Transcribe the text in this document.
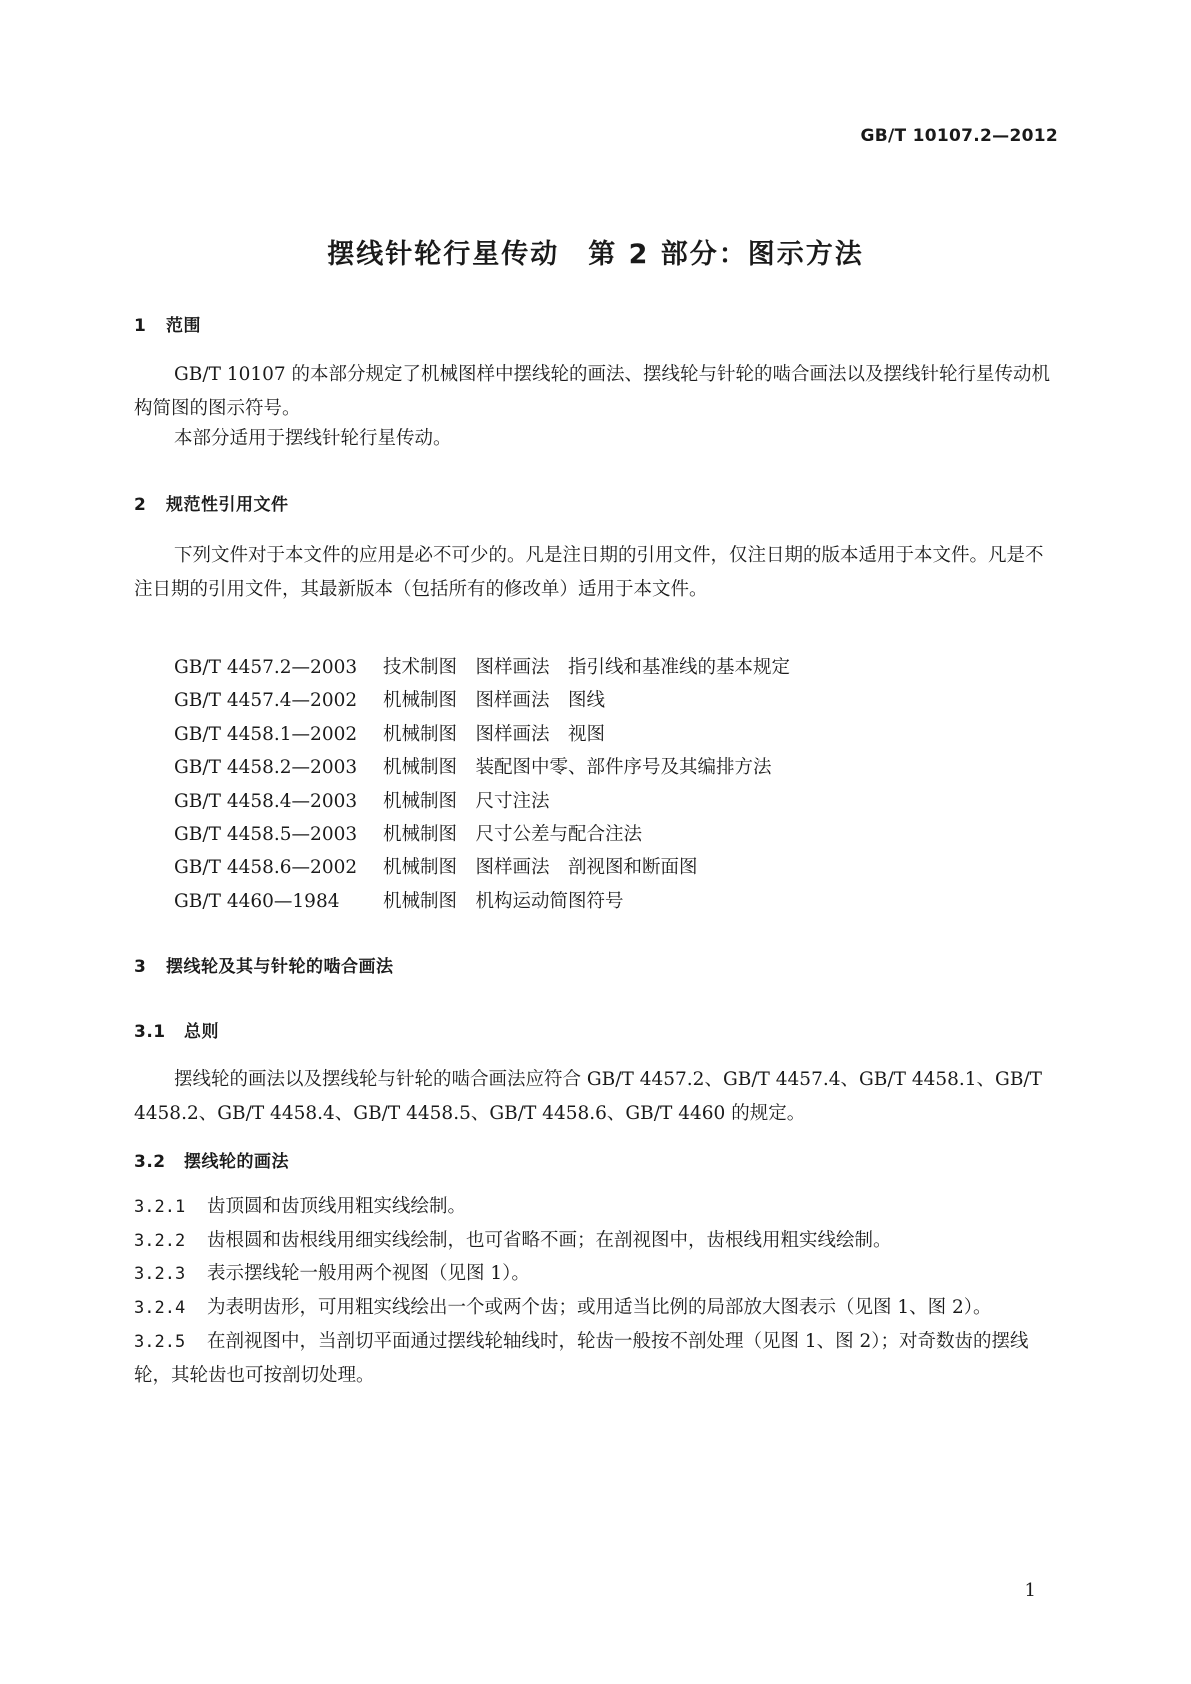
GB/T 10107.2—2012
摆线针轮行星传动　第 2 部分：图示方法
1 范围
GB/T 10107 的本部分规定了机械图样中摆线轮的画法、摆线轮与针轮的啮合画法以及摆线针轮行星传动机构简图的图示符号。
本部分适用于摆线针轮行星传动。
2 规范性引用文件
下列文件对于本文件的应用是必不可少的。凡是注日期的引用文件，仅注日期的版本适用于本文件。凡是不注日期的引用文件，其最新版本（包括所有的修改单）适用于本文件。
GB/T 4457.2—2003 技术制图　图样画法　指引线和基准线的基本规定
GB/T 4457.4—2002 机械制图　图样画法　图线
GB/T 4458.1—2002 机械制图　图样画法　视图
GB/T 4458.2—2003 机械制图　装配图中零、部件序号及其编排方法
GB/T 4458.4—2003 机械制图　尺寸注法
GB/T 4458.5—2003 机械制图　尺寸公差与配合注法
GB/T 4458.6—2002 机械制图　图样画法　剖视图和断面图
GB/T 4460—1984 机械制图　机构运动简图符号
3 摆线轮及其与针轮的啮合画法
3.1 总则
摆线轮的画法以及摆线轮与针轮的啮合画法应符合 GB/T 4457.2、GB/T 4457.4、GB/T 4458.1、GB/T 4458.2、GB/T 4458.4、GB/T 4458.5、GB/T 4458.6、GB/T 4460 的规定。
3.2 摆线轮的画法
3.2.1 齿顶圆和齿顶线用粗实线绘制。
3.2.2 齿根圆和齿根线用细实线绘制，也可省略不画；在剖视图中，齿根线用粗实线绘制。
3.2.3 表示摆线轮一般用两个视图（见图 1）。
3.2.4 为表明齿形，可用粗实线绘出一个或两个齿；或用适当比例的局部放大图表示（见图 1、图 2）。
3.2.5 在剖视图中，当剖切平面通过摆线轮轴线时，轮齿一般按不剖处理（见图 1、图 2）；对奇数齿的摆线轮，其轮齿也可按剖切处理。
1
